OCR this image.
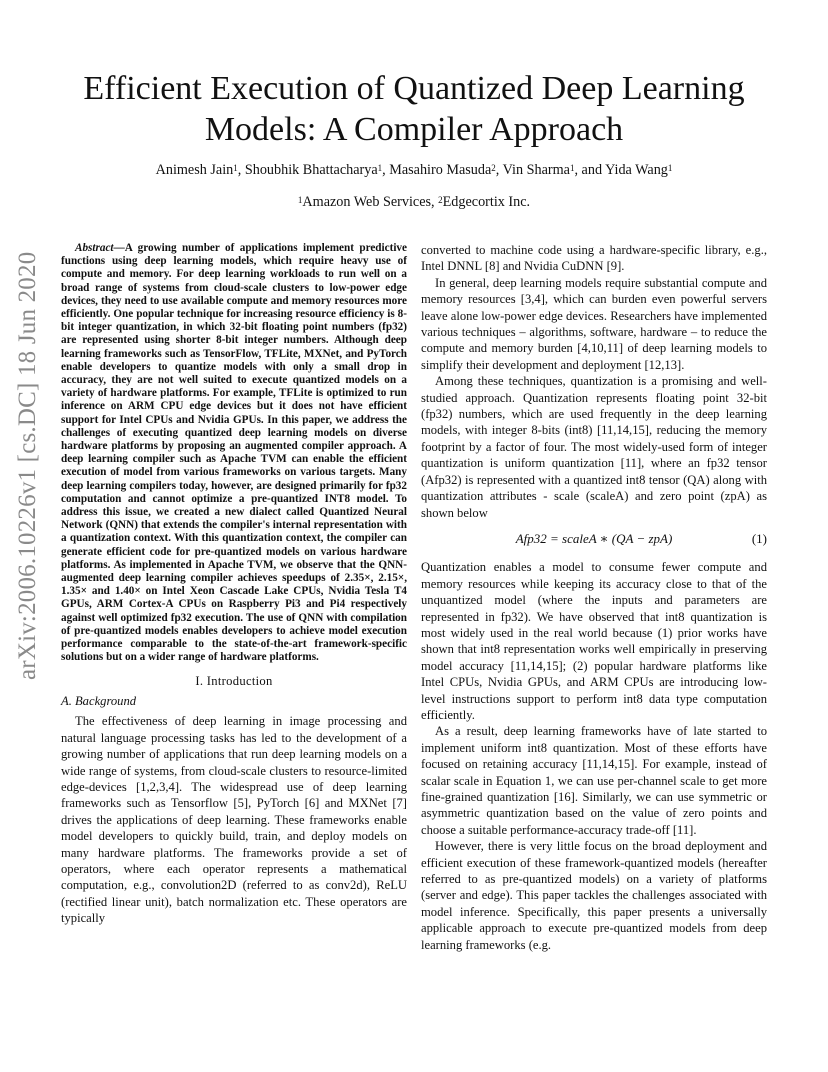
arXiv:2006.10226v1 [cs.DC] 18 Jun 2020
Efficient Execution of Quantized Deep Learning
Models: A Compiler Approach
Animesh Jain$^1$, Shoubhik Bhattacharya$^1$, Masahiro Masuda$^2$, Vin Sharma$^1$, and Yida Wang$^1$
$^1$Amazon Web Services, $^2$Edgecortix Inc.

Abstract—A growing number of applications implement predictive functions using deep learning models, which require heavy use of compute and memory. For deep learning workloads to run well on a broad range of systems from cloud-scale clusters to low-power edge devices, they need to use available compute and memory resources more efficiently. One popular technique for increasing resource efficiency is 8-bit integer quantization, in which 32-bit floating point numbers (fp32) are represented using shorter 8-bit integer numbers. Although deep learning frameworks such as TensorFlow, TFLite, MXNet, and PyTorch enable developers to quantize models with only a small drop in accuracy, they are not well suited to execute quantized models on a variety of hardware platforms. For example, TFLite is optimized to run inference on ARM CPU edge devices but it does not have efficient support for Intel CPUs and Nvidia GPUs. In this paper, we address the challenges of executing quantized deep learning models on diverse hardware platforms by proposing an augmented compiler approach. A deep learning compiler such as Apache TVM can enable the efficient execution of model from various frameworks on various targets. Many deep learning compilers today, however, are designed primarily for fp32 computation and cannot optimize a pre-quantized INT8 model. To address this issue, we created a new dialect called Quantized Neural Network (QNN) that extends the compiler's internal representation with a quantization context. With this quantization context, the compiler can generate efficient code for pre-quantized models on various hardware platforms. As implemented in Apache TVM, we observe that the QNN-augmented deep learning compiler achieves speedups of 2.35×, 2.15×, 1.35× and 1.40× on Intel Xeon Cascade Lake CPUs, Nvidia Tesla T4 GPUs, ARM Cortex-A CPUs on Raspberry Pi3 and Pi4 respectively against well optimized fp32 execution. The use of QNN with compilation of pre-quantized models enables developers to achieve model execution performance comparable to the state-of-the-art framework-specific solutions but on a wider range of hardware platforms.

I. Introduction
A. Background

The effectiveness of deep learning in image processing and natural language processing tasks has led to the development of a growing number of applications that run deep learning models on a wide range of systems, from cloud-scale clusters to resource-limited edge-devices [1,2,3,4]. The widespread use of deep learning frameworks such as Tensorflow [5], PyTorch [6] and MXNet [7] drives the applications of deep learning. These frameworks enable model developers to quickly build, train, and deploy models on many hardware platforms. The frameworks provide a set of operators, where each operator represents a mathematical computation, e.g., convolution2D (referred to as conv2d), ReLU (rectified linear unit), batch normalization etc. These operators are typically

converted to machine code using a hardware-specific library, e.g., Intel DNNL [8] and Nvidia CuDNN [9].

In general, deep learning models require substantial compute and memory resources [3,4], which can burden even powerful servers leave alone low-power edge devices. Researchers have implemented various techniques – algorithms, software, hardware – to reduce the compute and memory burden [4,10,11] of deep learning models to simplify their development and deployment [12,13].

Among these techniques, quantization is a promising and well-studied approach. Quantization represents floating point 32-bit (fp32) numbers, which are used frequently in the deep learning models, with integer 8-bits (int8) [11,14,15], reducing the memory footprint by a factor of four. The most widely-used form of integer quantization is uniform quantization [11], where an fp32 tensor (Afp32) is represented with a quantized int8 tensor (QA) along with quantization attributes - scale (scaleA) and zero point (zpA) as shown below

Afp32 = scaleA ∗ (QA − zpA)	(1)

Quantization enables a model to consume fewer compute and memory resources while keeping its accuracy close to that of the unquantized model (where the inputs and parameters are represented in fp32). We have observed that int8 quantization is most widely used in the real world because (1) prior works have shown that int8 representation works well empirically in preserving model accuracy [11,14,15]; (2) popular hardware platforms like Intel CPUs, Nvidia GPUs, and ARM CPUs are introducing low-level instructions support to perform int8 data type computation efficiently.

As a result, deep learning frameworks have of late started to implement uniform int8 quantization. Most of these efforts have focused on retaining accuracy [11,14,15]. For example, instead of scalar scale in Equation 1, we can use per-channel scale to get more fine-grained quantization [16]. Similarly, we can use symmetric or asymmetric quantization based on the value of zero points and choose a suitable performance-accuracy trade-off [11].

However, there is very little focus on the broad deployment and efficient execution of these framework-quantized models (hereafter referred to as pre-quantized models) on a variety of platforms (server and edge). This paper tackles the challenges associated with model inference. Specifically, this paper presents a universally applicable approach to execute pre-quantized models from deep learning frameworks (e.g.
